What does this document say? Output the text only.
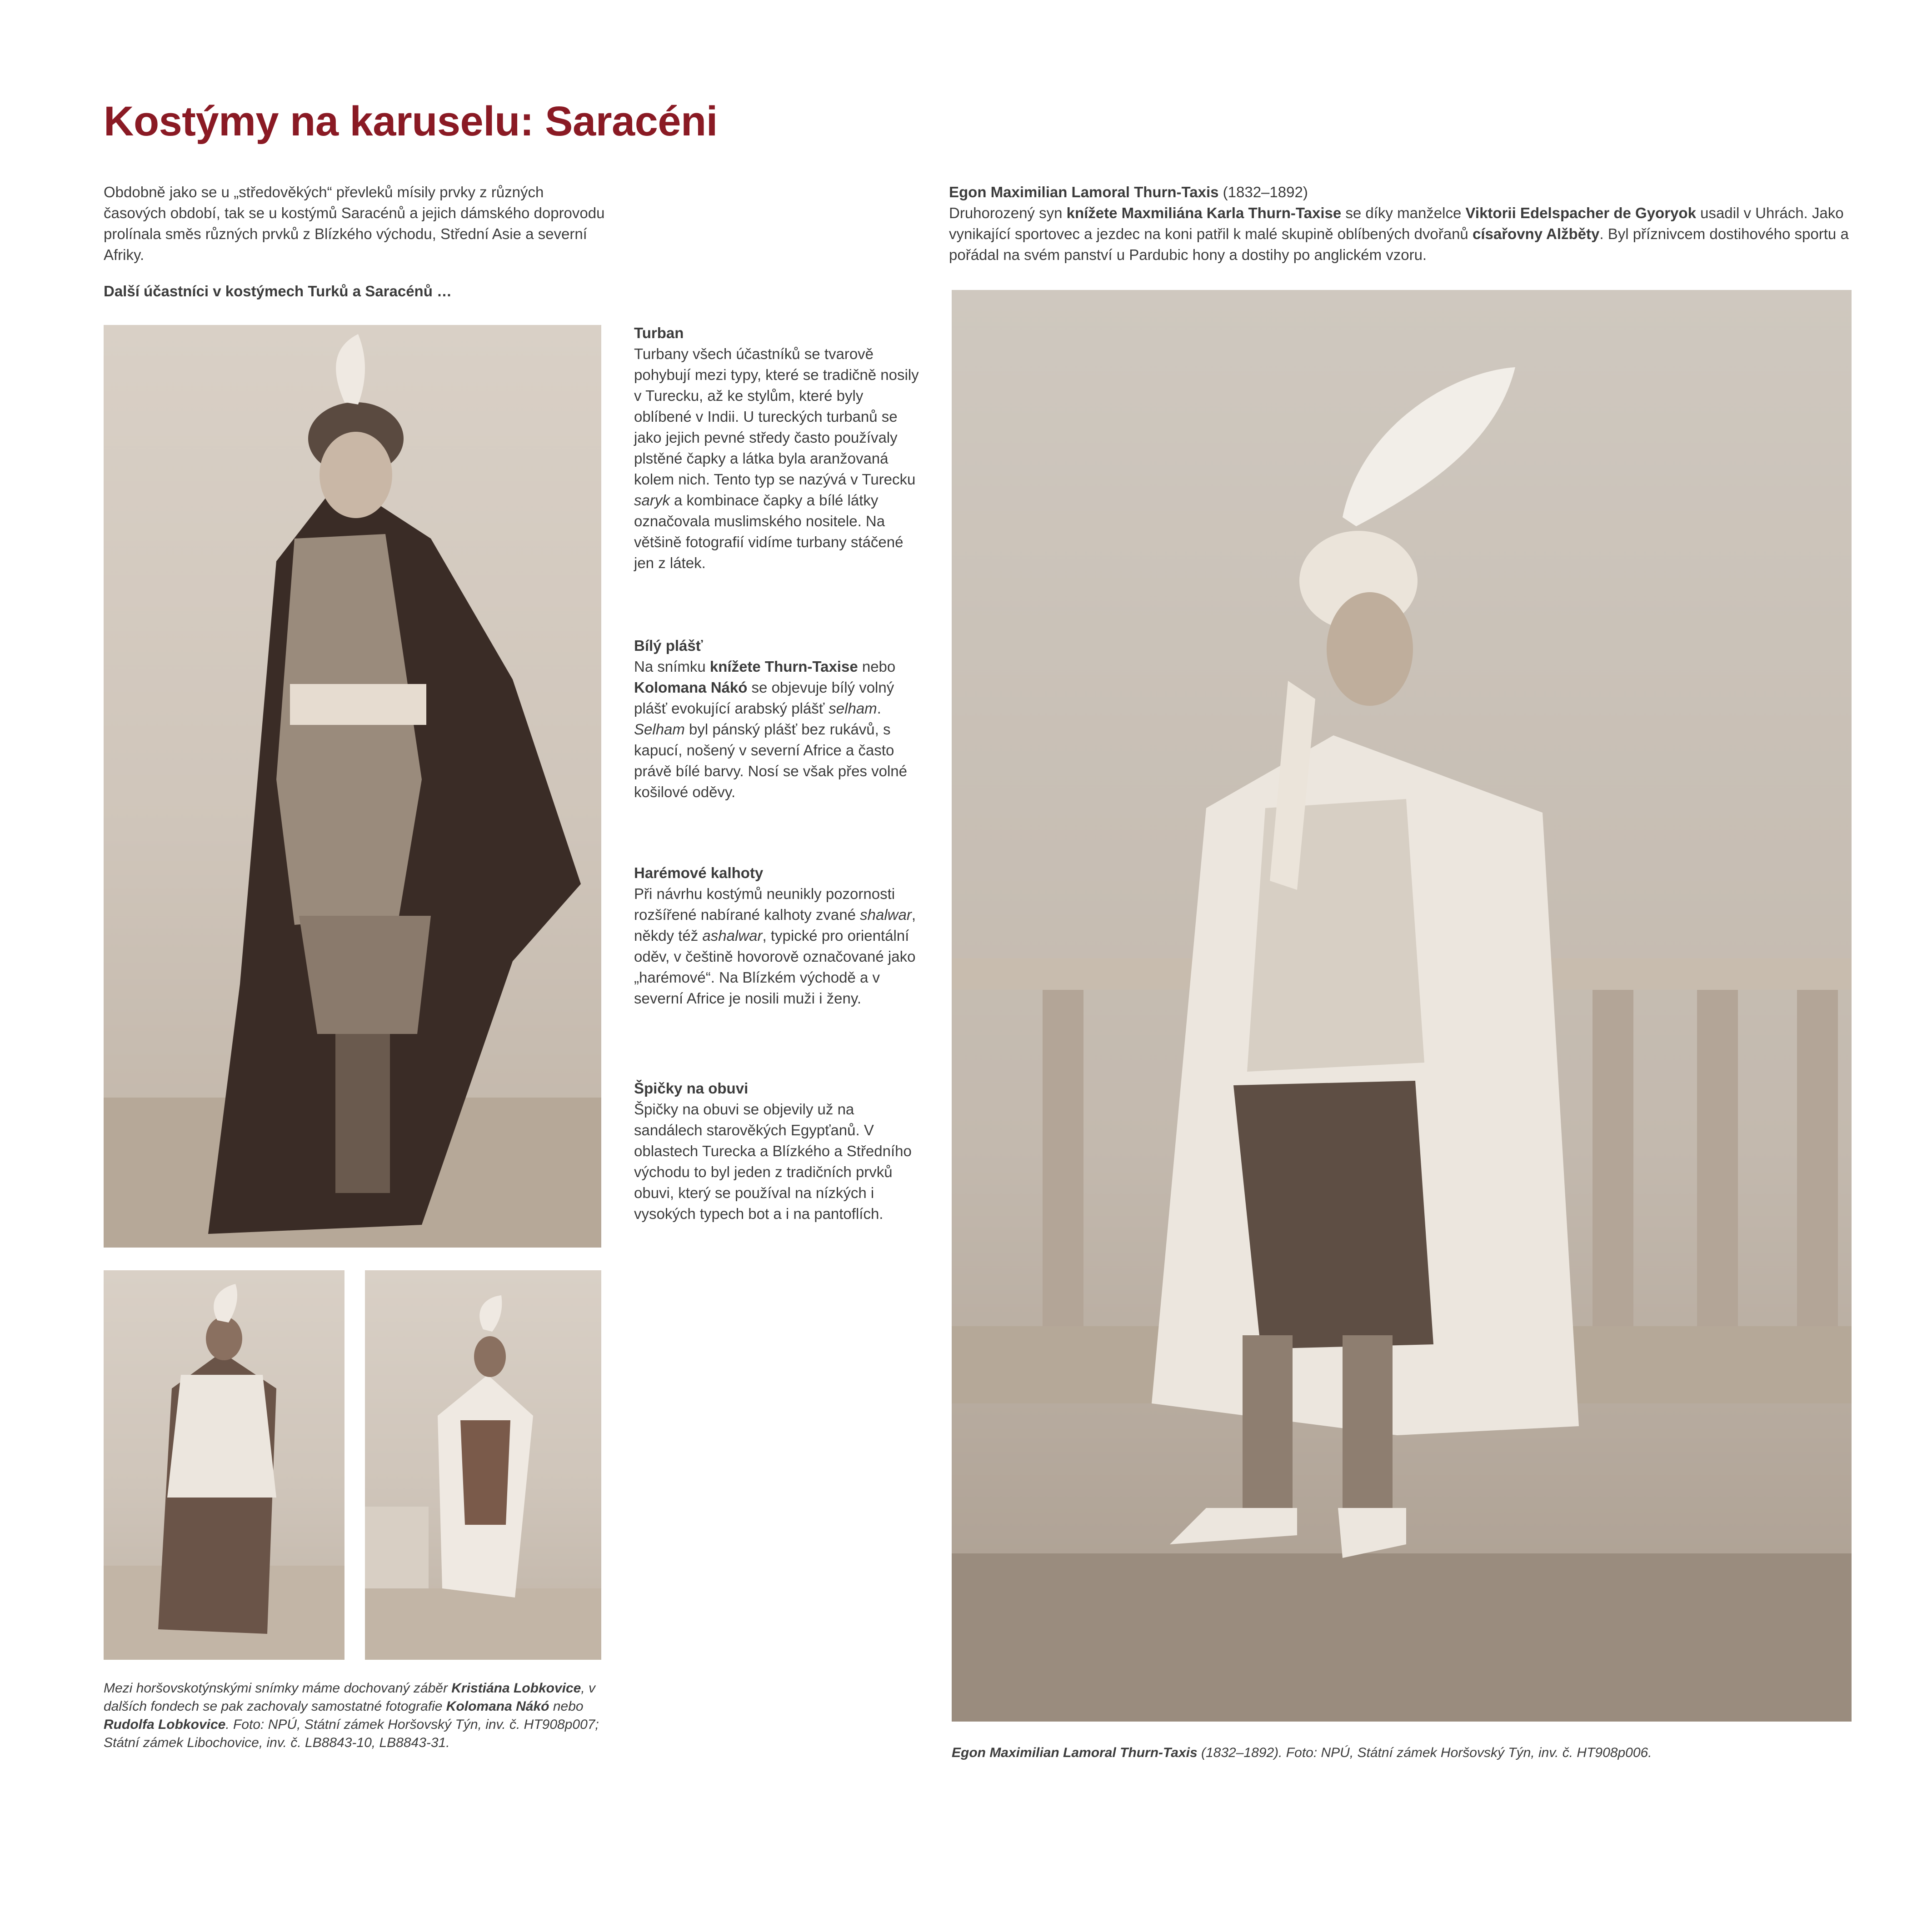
Kostýmy na karuselu: Saracéni
Obdobně jako se u „středověkých“ převleků mísily prvky z různých časových období, tak se u kostýmů Saracénů a jejich dámského doprovodu prolínala směs různých prvků z Blízkého východu, Střední Asie a severní Afriky.
Další účastníci v kostýmech Turků a Saracénů …
Mezi horšovskotýnskými snímky máme dochovaný záběr Kristiána Lobkovice, v dalších fondech se pak zachovaly samostatné fotografie Kolomana Nákó nebo Rudolfa Lobkovice. Foto: NPÚ, Státní zámek Horšovský Týn, inv. č. HT908p007; Státní zámek Libochovice, inv. č. LB8843-10, LB8843-31.
Turban

Turbany všech účastníků se tvarově pohybují mezi typy, které se tradičně nosily v Turecku, až ke stylům, které byly oblíbené v Indii. U tureckých turbanů se jako jejich pevné středy často používaly plstěné čapky a látka byla aranžovaná kolem nich. Tento typ se nazývá v Turecku saryk a kombinace čapky a bílé látky označovala muslimského nositele. Na většině fotografií vidíme turbany stáčené jen z látek.

Bílý plášť

Na snímku knížete Thurn-Taxise nebo Kolomana Nákó se objevuje bílý volný plášť evokující arabský plášť selham. Selham byl pánský plášť bez rukávů, s kapucí, nošený v severní Africe a často právě bílé barvy. Nosí se však přes volné košilové oděvy.

Harémové kalhoty

Při návrhu kostýmů neunikly pozornosti rozšířené nabírané kalhoty zvané shalwar, někdy též ashalwar, typické pro orientální oděv, v češtině hovorově označované jako „harémové“. Na Blízkém východě a v severní Africe je nosili muži i ženy.

Špičky na obuvi

Špičky na obuvi se objevily už na sandálech starověkých Egypťanů. V oblastech Turecka a Blízkého a Středního východu to byl jeden z tradičních prvků obuvi, který se používal na nízkých i vysokých typech bot a i na pantoflích.

Egon Maximilian Lamoral Thurn-Taxis (1832–1892)
Druhorozený syn knížete Maxmiliána Karla Thurn-Taxise se díky manželce Viktorii Edelspacher de Gyoryok usadil v Uhrách. Jako vynikající sportovec a jezdec na koni patřil k malé skupině oblíbených dvořanů císařovny Alžběty. Byl příznivcem dostihového sportu a pořádal na svém panství u Pardubic hony a dostihy po anglickém vzoru.
Egon Maximilian Lamoral Thurn-Taxis (1832–1892). Foto: NPÚ, Státní zámek Horšovský Týn, inv. č. HT908p006.
